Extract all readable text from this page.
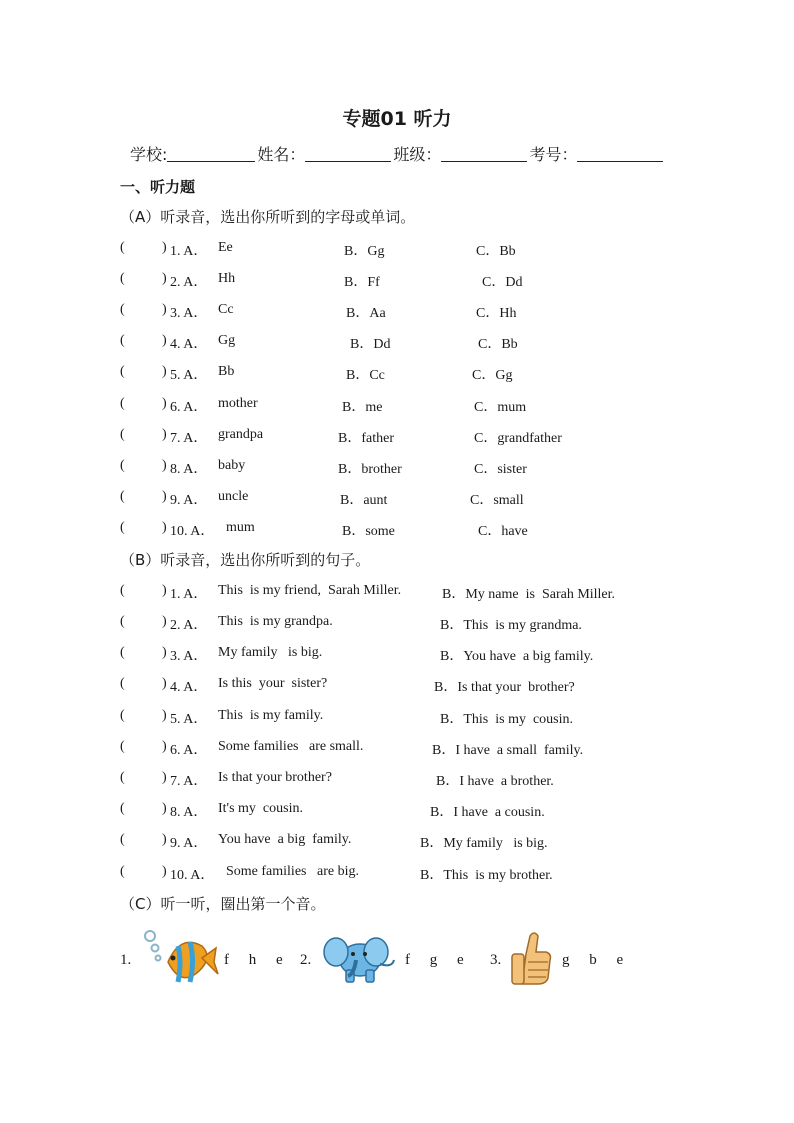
专题01 听力
学校:	姓名：	班级：	考号：
一、听力题
（A）听录音，选出你所听到的字母或单词。
(	) 1. A． Ee	B．Gg	C．Bb
(	) 2. A． Hh	B．Ff	C．Dd
(	) 3. A． Cc	B．Aa	C．Hh
(	) 4. A． Gg	B．Dd	C．Bb
(	) 5. A． Bb	B．Cc	C．Gg
(	) 6. A． mother	B．me	C．mum
(	) 7. A． grandpa	B．father	C．grandfather
(	) 8. A． baby	B．brother	C．sister
(	) 9. A． uncle	B．aunt	C．small
(	) 10. A． mum	B．some	C．have
（B）听录音，选出你所听到的句子。
(	) 1. A． This  is my friend,  Sarah Miller.	B．My name  is  Sarah Miller.
(	) 2. A． This  is my grandpa.	B．This  is my grandma.
(	) 3. A． My family   is big.	B．You have  a big family.
(	) 4. A． Is this  your  sister?	B．Is that your  brother?
(	) 5. A． This  is my family.	B．This  is my  cousin.
(	) 6. A． Some families   are small.	B．I have  a small  family.
(	) 7. A． Is that your brother?	B．I have  a brother.
(	) 8. A． It's my  cousin.	B．I have  a cousin.
(	) 9. A． You have  a big  family.	B．My family   is big.
(	) 10. A． Some families   are big.	B．This  is my brother.
（C）听一听，圈出第一个音。
1.	f h e 2.	f g e 3.	g b e
